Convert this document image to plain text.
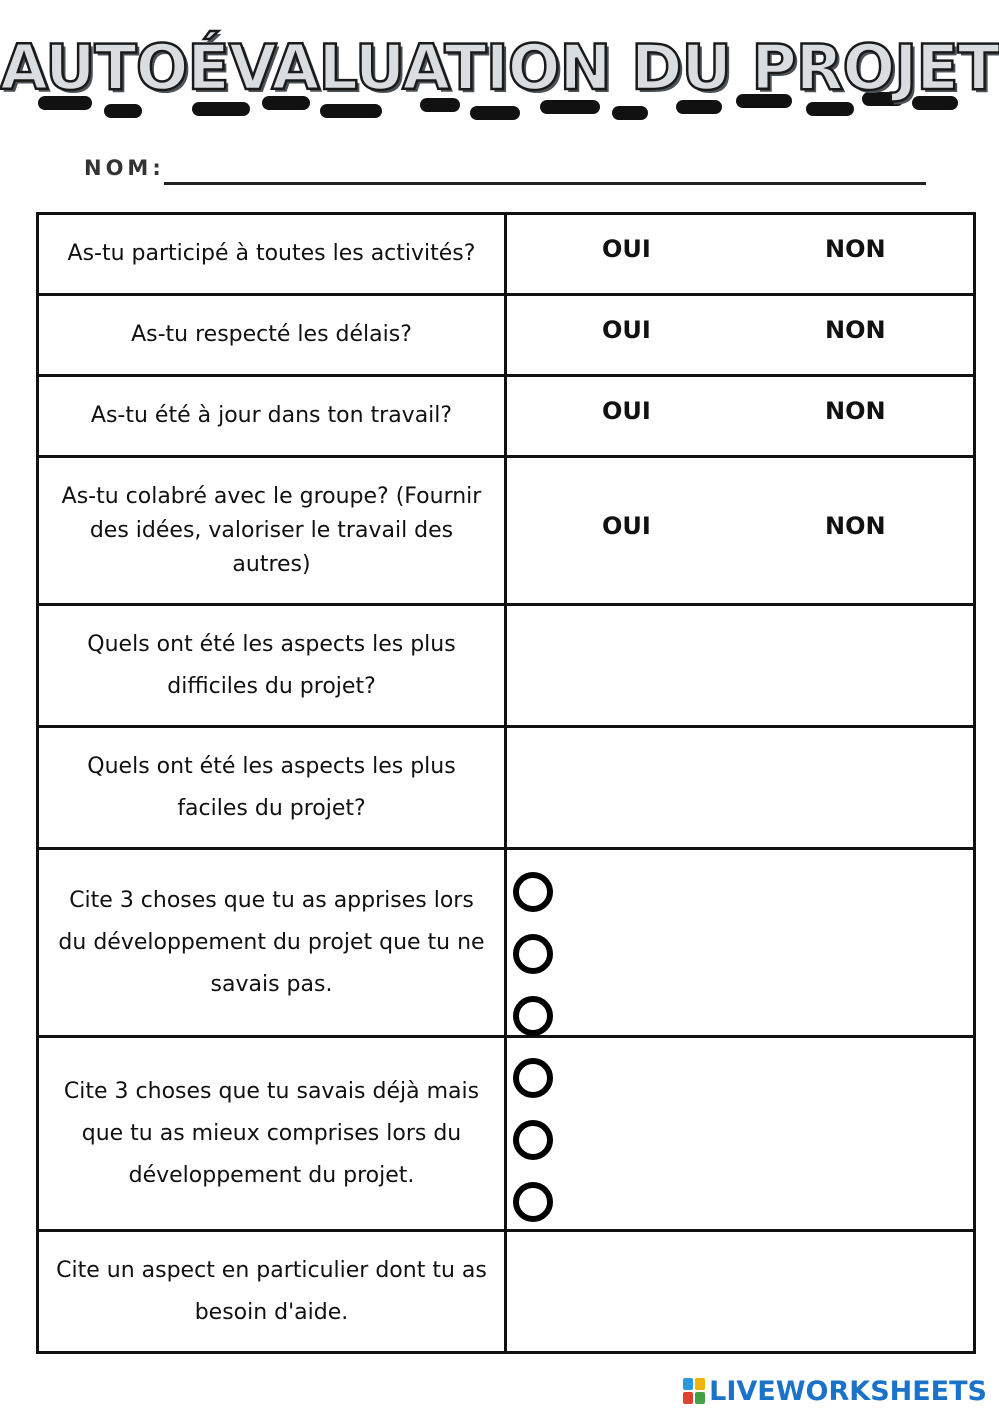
AUTOÉVALUATION DU PROJET
NOM:
As-tu participé à toutes les activités?	OUI NON

As-tu respecté les délais?	OUI NON

As-tu été à jour dans ton travail?	OUI NON

As-tu colabré avec le groupe? (Fournir des idées, valoriser le travail des autres)	OUI NON

Quels ont été les aspects les plus difficiles du projet?	

Quels ont été les aspects les plus faciles du projet?	

Cite 3 choses que tu as apprises lors du développement du projet que tu ne savais pas.	

Cite 3 choses que tu savais déjà mais que tu as mieux comprises lors du développement du projet.	

Cite un aspect en particulier dont tu as besoin d'aide.	

LIVEWORKSHEETS
